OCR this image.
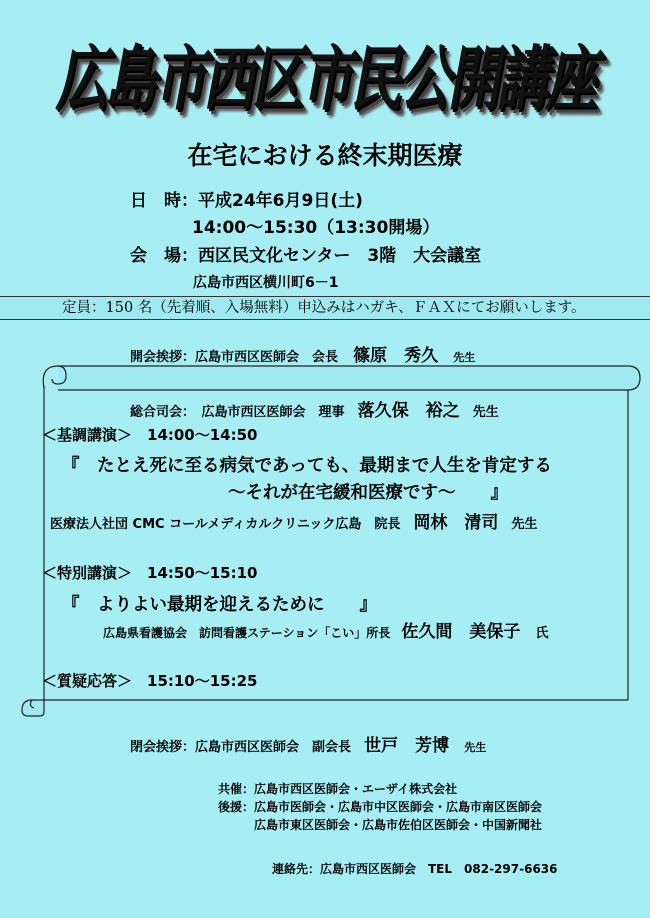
広島市西区市民公開講座
在宅における終末期医療
日　時：平成24年6月9日(土)
14:00～15:30（13:30開場）
会　場：西区民文化センター　3階　大会議室
広島市西区横川町6－1
定員：150 名（先着順、入場無料）申込みはハガキ、ＦＡＸにてお願いします。
開会挨拶：広島市西区医師会　会長 篠原　秀久 先生
総合司会：　広島市西区医師会　理事 落久保　裕之 先生
＜基調講演＞　14:00～14:50
『　たとえ死に至る病気であっても、最期まで人生を肯定する
～それが在宅緩和医療です～　　』
医療法人社団 CMC コールメディカルクリニック広島　院長 岡林　清司 先生
＜特別講演＞　14:50～15:10
『　よりよい最期を迎えるために　　』
広島県看護協会　訪問看護ステーション「こい」所長 佐久間　美保子 氏
＜質疑応答＞　15:10～15:25
閉会挨拶：広島市西区医師会　副会長 世戸　芳博 先生
共催：広島市西区医師会・エーザイ株式会社
後援：広島市医師会・広島市中区医師会・広島市南区医師会
広島市東区医師会・広島市佐伯区医師会・中国新聞社
連絡先：広島市西区医師会　TEL　082-297-6636
